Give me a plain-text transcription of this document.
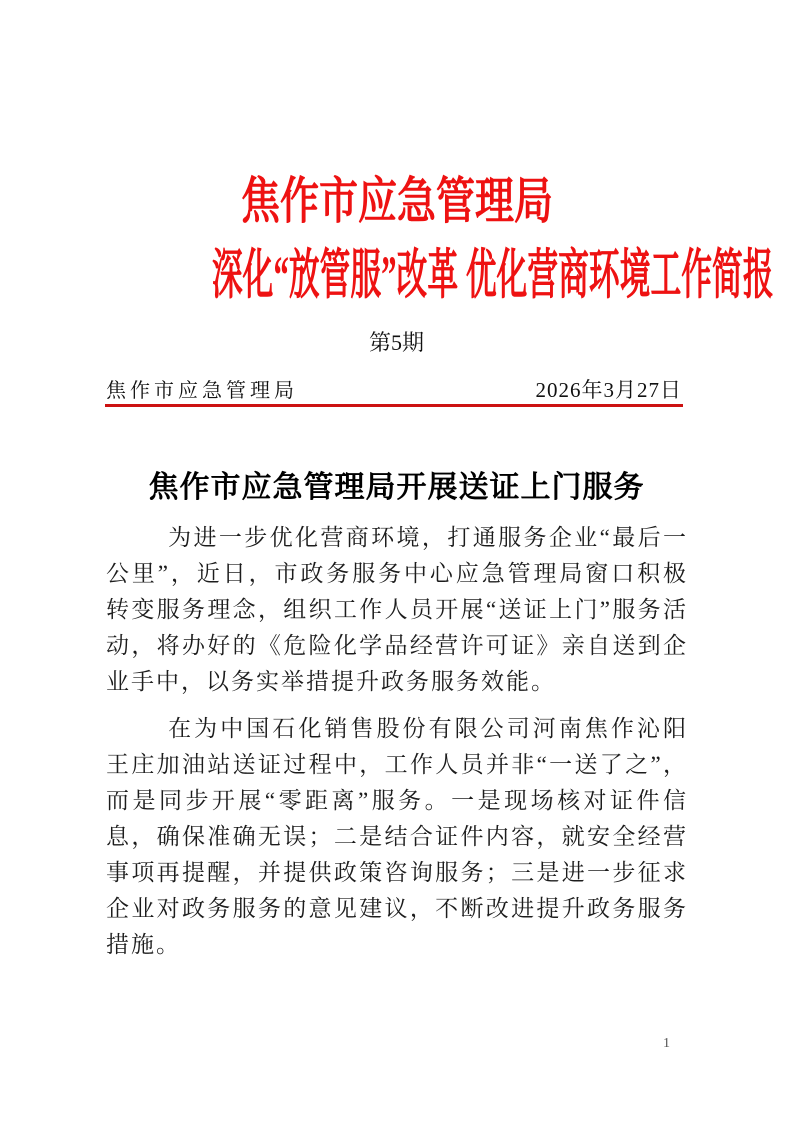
焦作市应急管理局
深化“放管服”改革 优化营商环境工作简报
第5期
焦作市应急管理局	2026年3月27日
焦作市应急管理局开展送证上门服务

为进一步优化营商环境，打通服务企业“最后一公里”，近日，市政务服务中心应急管理局窗口积极转变服务理念，组织工作人员开展“送证上门”服务活动，将办好的《危险化学品经营许可证》亲自送到企业手中，以务实举措提升政务服务效能。

在为中国石化销售股份有限公司河南焦作沁阳王庄加油站送证过程中，工作人员并非“一送了之”，而是同步开展“零距离”服务。一是现场核对证件信息，确保准确无误；二是结合证件内容，就安全经营事项再提醒，并提供政策咨询服务；三是进一步征求企业对政务服务的意见建议，不断改进提升政务服务措施。

1
